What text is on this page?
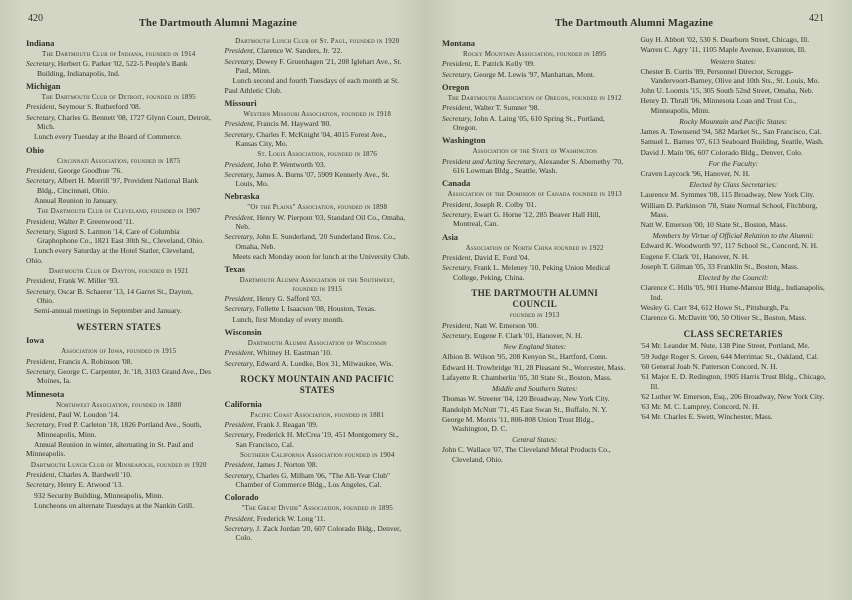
420	The Dartmouth Alumni Magazine
Indiana
The Dartmouth Club of Indiana, founded in 1914
Secretary, Herbert G. Parker '02, 522-5 People's Bank Building, Indianapolis, Ind.
Michigan
The Dartmouth Club of Detroit, founded in 1895
President, Seymour S. Rutherford '08.
Secretary, Charles G. Bennett '08, 1727 Glynn Court, Detroit, Mich.
Lunch every Tuesday at the Board of Commerce.
Ohio
Cincinnati Association, founded in 1875
President, George Goodhue '76.
Secretary, Albert H. Morrill '97, Provident National Bank Bldg., Cincinnati, Ohio.
Annual Reunion in January.
The Dartmouth Club of Cleveland, founded in 1907
President, Walter P. Greenwood '11.
Secretary, Sigurd S. Larmon '14, Care of Columbia Graphophone Co., 1821 East 30th St., Cleveland, Ohio.
Lunch every Saturday at the Hotel Statler, Cleveland, Ohio.
Dartmouth Club of Dayton, founded in 1921
President, Frank W. Miller '93.
Secretary, Oscar B. Schaerer '13, 14 Garret St., Dayton, Ohio.
Semi-annual meetings in September and January.
WESTERN STATES
Iowa
Association of Iowa, founded in 1915
President, Francis A. Robinson '08.
Secretary, George C. Carpenter, Jr. '18, 3103 Grand Ave., Des Moines, Ia.
Minnesota
Northwest Association, founded in 1880
President, Paul W. Loudon '14.
Secretary, Fred P. Carleton '18, 1826 Portland Ave., South, Minneapolis, Minn.
Annual Reunion in winter, alternating in St. Paul and Minneapolis.
Dartmouth Lunch Club of Minneapolis, founded in 1920
President, Charles A. Bardwell '10.
Secretary, Henry E. Atwood '13.
932 Security Building, Minneapolis, Minn.
Luncheons on alternate Tuesdays at the Nankin Grill.
Dartmouth Lunch Club of St. Paul, founded in 1920
President, Clarence W. Sanders, Jr. '22.
Secretary, Dewey F. Gruenhagen '21, 208 Iglehart Ave., St. Paul, Minn.
Lunch second and fourth Tuesdays of each month at St. Paul Athletic Club.
Missouri
Western Missouri Association, founded in 1918
President, Francis M. Hayward '80.
Secretary, Charles F. McKnight '04, 4015 Forest Ave., Kansas City, Mo.
St. Louis Association, founded in 1876
President, John P. Wentworth '03.
Secretary, James A. Burns '07, 5909 Kennerly Ave., St. Louis, Mo.
Nebraska
"Of the Plains" Association, founded in 1898
President, Henry W. Pierpont '03, Standard Oil Co., Omaha, Neb.
Secretary, John E. Sunderland, '20 Sunderland Bros. Co., Omaha, Neb.
Meets each Monday noon for lunch at the University Club.
Texas
Dartmouth Alumni Association of the Southwest, founded in 1915
President, Henry G. Safford '03.
Secretary, Follette I. Isaacson '08, Houston, Texas.
Lunch, first Monday of every month.
Wisconsin
Dartmouth Alumni Association of Wisconsin
President, Whitney H. Eastman '10.
Secretary, Edward A. Luedke, Box 31, Milwaukee, Wis.
ROCKY MOUNTAIN AND PACIFIC STATES
California
Pacific Coast Association, founded in 1881
President, Frank J. Reagan '09.
Secretary, Frederick H. McCrea '19, 451 Montgomery St., San Francisco, Cal.
Southern California Association founded in 1904
President, James J. Norton '08.
Secretary, Charles G. Milham '06, "The All-Year Club" Chamber of Commerce Bldg., Los Angeles, Cal.
Colorado
"The Great Divide" Association, founded in 1895
President, Frederick W. Long '11.
Secretary, J. Zack Jordan '20, 607 Colorado Bldg., Denver, Colo.
The Dartmouth Alumni Magazine	421
Montana
Rocky Mountain Association, founded in 1895
President, E. Patrick Kelly '09.
Secretary, George M. Lewis '97, Manhattan, Mont.
Oregon
The Dartmouth Association of Oregon, founded in 1912
President, Walter T. Sumner '98.
Secretary, John A. Laing '05, 610 Spring St., Portland, Oregon.
Washington
Association of the State of Washington
President and Acting Secretary, Alexander S. Abernethy '70, 616 Lowman Bldg., Seattle, Wash.
Canada
Association of the Dominion of Canada founded in 1913
President, Joseph R. Colby '01.
Secretary, Ewart G. Horne '12, 285 Beaver Hall Hill, Montreal, Can.
Asia
Association of North China founded in 1922
President, David E. Ford '04.
Secretary, Frank L. Meleney '10, Peking Union Medical College, Peking, China.
THE DARTMOUTH ALUMNI COUNCIL
founded in 1913
President, Natt W. Emerson '00.
Secretary, Eugene F. Clark '01, Hanover, N. H.
New England States:
Albion B. Wilson '95, 208 Kenyon St., Hartford, Conn.
Edward H. Trowbridge '81, 28 Pleasant St., Worcester, Mass.
Lafayette R. Chamberlin '05, 30 State St., Boston, Mass.
Middle and Southern States:
Thomas W. Streeter '04, 120 Broadway, New York City.
Randolph McNutt '71, 45 East Swan St., Buffalo, N. Y.
George M. Morris '11, 806-808 Union Trust Bldg., Washington, D. C.
Central States:
John C. Wallace '07, The Cleveland Metal Products Co., Cleveland, Ohio.
Guy H. Abbott '02, 530 S. Dearborn Street, Chicago, Ill.
Warren C. Agry '11, 1105 Maple Avenue, Evanston, Ill.
Western States:
Chester B. Curtis '89, Personnel Director, Scruggs-Vandervoort-Barney, Olive and 10th Sts., St. Louis, Mo.
John U. Loomis '15, 305 South 52nd Street, Omaha, Neb.
Henry D. Thrall '06, Minnesota Loan and Trust Co., Minneapolis, Minn.
Rocky Mountain and Pacific States:
James A. Townsend '94, 582 Market St., San Francisco, Cal.
Samuel L. Barnes '07, 613 Seaboard Building, Seattle, Wash.
David J. Main '06, 607 Colorado Bldg., Denver, Colo.
For the Faculty:
Craven Laycock '96, Hanover, N. H.
Elected by Class Secretaries:
Laurence M. Symmes '08, 115 Broadway, New York City.
William D. Parkinson '78, State Normal School, Fitchburg, Mass.
Natt W. Emerson '00, 10 State St., Boston, Mass.
Members by Virtue of Official Relation to the Alumni:
Edward K. Woodworth '97, 117 School St., Concord, N. H.
Eugene F. Clark '01, Hanover, N. H.
Joseph T. Gilman '05, 33 Franklin St., Boston, Mass.
Elected by the Council:
Clarence C. Hills '05, 901 Hume-Mansur Bldg., Indianapolis, Ind.
Wesley G. Carr '84, 612 Howe St., Pittsburgh, Pa.
Clarence G. McDavitt '00, 50 Oliver St., Boston, Mass.
CLASS SECRETARIES
'54 Mr. Leander M. Nute, 138 Pine Street, Portland, Me.
'59 Judge Roger S. Green, 644 Merrimac St., Oakland, Cal.
'60 General Joab N. Patterson Concord, N. H.
'61 Major E. D. Redington, 1905 Harris Trust Bldg., Chicago, Ill.
'62 Luther W. Emerson, Esq., 206 Broadway, New York City.
'63 Mr. M. C. Lamprey, Concord, N. H.
'64 Mr. Charles E. Swett, Winchester, Mass.
